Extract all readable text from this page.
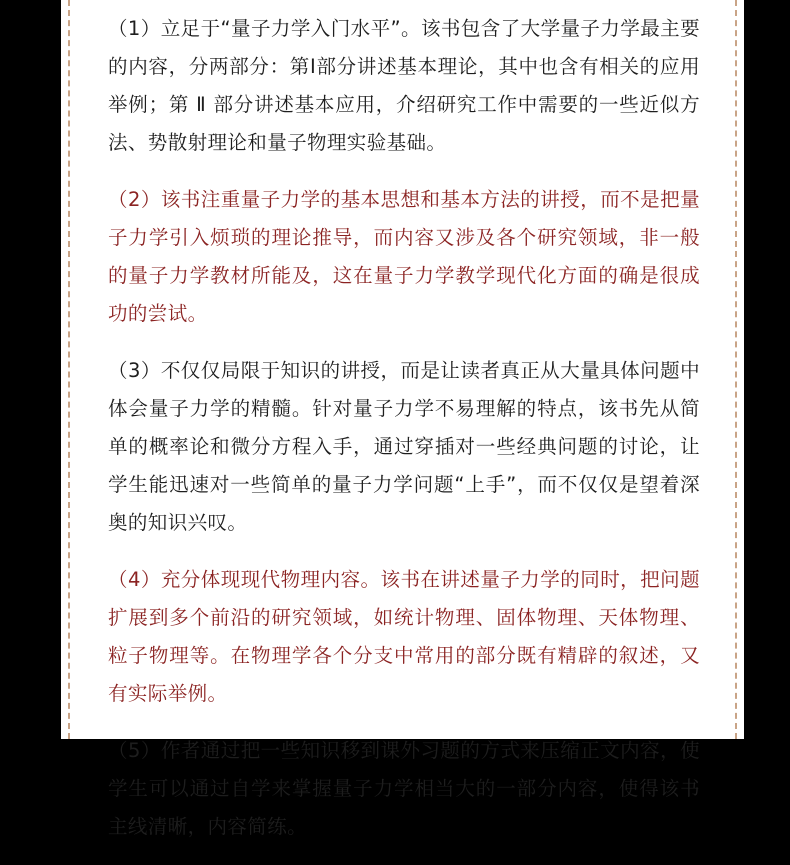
（1）立足于“量子力学入门水平”。该书包含了大学量子力学最主要的内容，分两部分：第Ⅰ部分讲述基本理论，其中也含有相关的应用举例；第 Ⅱ 部分讲述基本应用，介绍研究工作中需要的一些近似方法、势散射理论和量子物理实验基础。

（2）该书注重量子力学的基本思想和基本方法的讲授，而不是把量子力学引入烦琐的理论推导，而内容又涉及各个研究领域，非一般的量子力学教材所能及，这在量子力学教学现代化方面的确是很成功的尝试。

（3）不仅仅局限于知识的讲授，而是让读者真正从大量具体问题中体会量子力学的精髓。针对量子力学不易理解的特点，该书先从简单的概率论和微分方程入手，通过穿插对一些经典问题的讨论，让学生能迅速对一些简单的量子力学问题“上手”，而不仅仅是望着深奥的知识兴叹。

（4）充分体现现代物理内容。该书在讲述量子力学的同时，把问题扩展到多个前沿的研究领域，如统计物理、固体物理、天体物理、粒子物理等。在物理学各个分支中常用的部分既有精辟的叙述，又有实际举例。

（5）作者通过把一些知识移到课外习题的方式来压缩正文内容，使学生可以通过自学来掌握量子力学相当大的一部分内容，使得该书主线清晰，内容简练。
